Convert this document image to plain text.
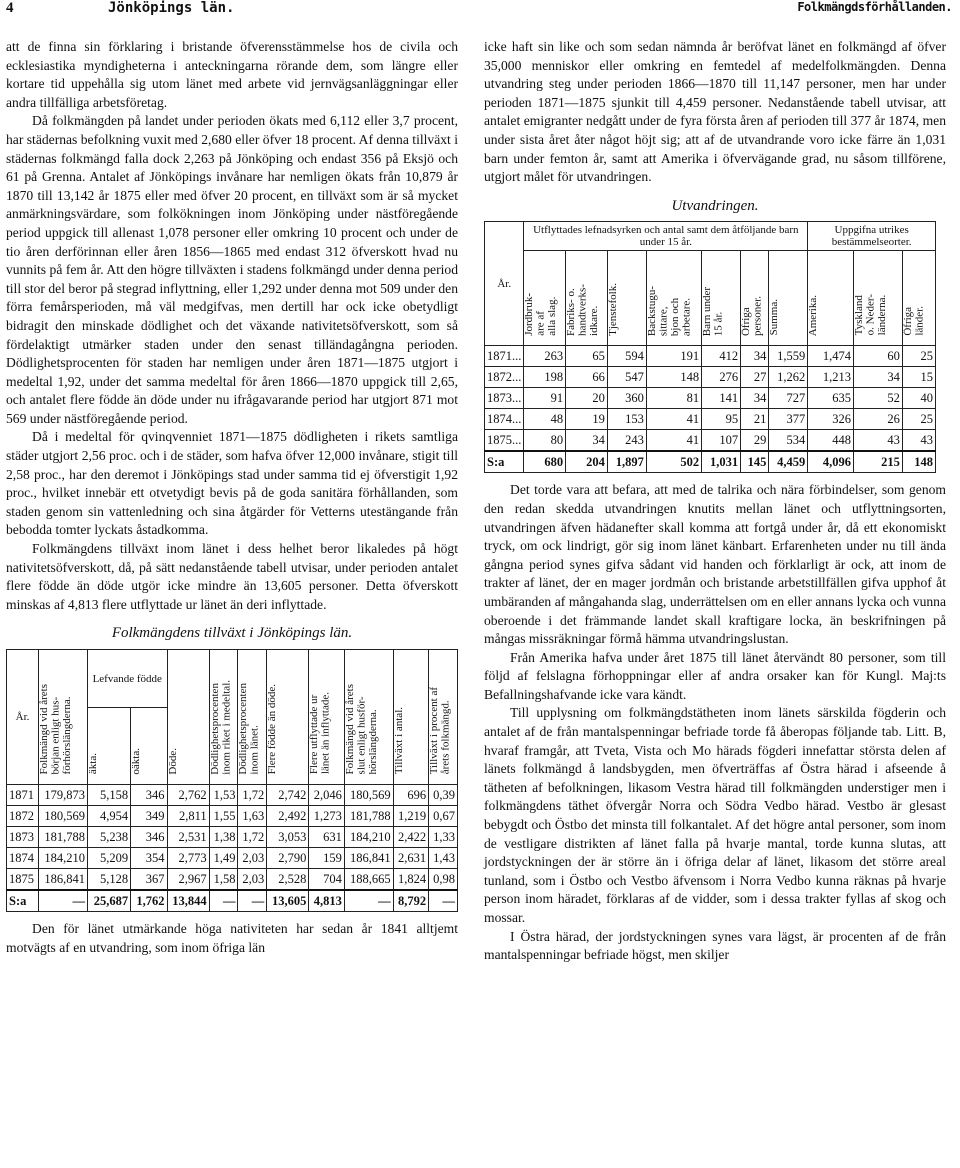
4	Jönköpings län.	Folkmängdsförhållanden.

att de finna sin förklaring i bristande öfverensstämmelse hos de civila och ecklesiastika myndigheterna i anteckningarna rörande dem, som längre eller kortare tid uppehålla sig utom länet med arbete vid jernvägsanläggningar eller andra tillfälliga arbetsföretag.

Då folkmängden på landet under perioden ökats med 6,112 eller 3,7 procent, har städernas befolkning vuxit med 2,680 eller öfver 18 procent. Af denna tillväxt i städernas folkmängd falla dock 2,263 på Jönköping och endast 356 på Eksjö och 61 på Grenna. Antalet af Jönköpings invånare har nemligen ökats från 10,879 år 1870 till 13,142 år 1875 eller med öfver 20 procent, en tillväxt som är så mycket anmärkningsvärdare, som folkökningen inom Jönköping under nästföregående period uppgick till allenast 1,078 personer eller omkring 10 procent och under de tio åren derförinnan eller åren 1856—1865 med endast 312 öfverskott hvad nu vunnits på fem år. Att den högre tillväxten i stadens folkmängd under denna period till stor del beror på stegrad inflyttning, eller 1,292 under denna mot 509 under den förra femårsperioden, må väl medgifvas, men dertill har ock icke obetydligt bidragit den minskade dödlighet och det växande nativitetsöfverskott, som så fördelaktigt utmärker staden under den senast tilländagångna perioden. Dödlighetsprocenten för staden har nemligen under åren 1871—1875 utgjort i medeltal 1,92, under det samma medeltal för åren 1866—1870 uppgick till 2,65, och antalet flere födde än döde under nu ifrågavarande period har utgjort 871 mot 569 under nästföregående period.

Då i medeltal för qvinqvenniet 1871—1875 dödligheten i rikets samtliga städer utgjort 2,56 proc. och i de städer, som hafva öfver 12,000 invånare, stigit till 2,58 proc., har den deremot i Jönköpings stad under samma tid ej öfverstigit 1,92 proc., hvilket innebär ett otvetydigt bevis på de goda sanitära förhållanden, som staden genom sin vattenledning och sina åtgärder för Vetterns utestängande från bebodda tomter lyckats åstadkomma.

Folkmängdens tillväxt inom länet i dess helhet beror likaledes på högt nativitetsöfverskott, då, på sätt nedanstående tabell utvisar, under perioden antalet flere födde än döde utgör icke mindre än 13,605 personer. Detta öfverskott minskas af 4,813 flere utflyttade ur länet än deri inflyttade.

Folkmängdens tillväxt i Jönköpings län.

År.	Folkmängd vid årets
början enligt hus-
förhörslängderna.	Lefvande födde		Döde.	Dödlighetsprocenten
inom riket i medeltal.	Dödlighetsprocenten
inom länet.	Flere födde än döde.	Flere utflyttade ur
länet än inflyttade.	Folkmängd vid årets
slut enligt husför-
hörslängderna.	Tillväxt i antal.	Tillväxt i procent af
årets folkmängd.
		äkta.	oäkta.								
1871	179,873	5,158	346	2,762	1,53	1,72	2,742	2,046	180,569	696	0,39
1872	180,569	4,954	349	2,811	1,55	1,63	2,492	1,273	181,788	1,219	0,67
1873	181,788	5,238	346	2,531	1,38	1,72	3,053	631	184,210	2,422	1,33
1874	184,210	5,209	354	2,773	1,49	2,03	2,790	159	186,841	2,631	1,43
1875	186,841	5,128	367	2,967	1,58	2,03	2,528	704	188,665	1,824	0,98
S:a	—	25,687	1,762	13,844	—	—	13,605	4,813	—	8,792	—

Den för länet utmärkande höga nativiteten har sedan år 1841 alltjemt motvägts af en utvandring, som inom öfriga län

icke haft sin like och som sedan nämnda år beröfvat länet en folkmängd af öfver 35,000 menniskor eller omkring en femtedel af medelfolkmängden. Denna utvandring steg under perioden 1866—1870 till 11,147 personer, men har under perioden 1871—1875 sjunkit till 4,459 personer. Nedanstående tabell utvisar, att antalet emigranter nedgått under de fyra första åren af perioden till 377 år 1874, men under sista året åter något höjt sig; att af de utvandrande voro icke färre än 1,031 barn under femton år, samt att Amerika i öfvervägande grad, nu såsom tillförene, utgjort målet för utvandringen.

Utvandringen.

År.	Utflyttades lefnadsyrken och antal samt dem åtföljande barn under 15 år.							Uppgifna utrikes bestämmelseorter.		
	Jordbruk-
are af
alla slag.	Fabriks- o.
handtverks-
idkare.	Tjenstefolk.	Backstugu-
sittare,
bjon och
arbetare.	Barn under
15 år.	Öfriga
personer.	Summa.	Amerika.	Tyskland
o. Neder-
länderna.	Öfriga
länder.
1871...	263	65	594	191	412	34	1,559	1,474	60	25
1872...	198	66	547	148	276	27	1,262	1,213	34	15
1873...	91	20	360	81	141	34	727	635	52	40
1874...	48	19	153	41	95	21	377	326	26	25
1875...	80	34	243	41	107	29	534	448	43	43
S:a	680	204	1,897	502	1,031	145	4,459	4,096	215	148

Det torde vara att befara, att med de talrika och nära förbindelser, som genom den redan skedda utvandringen knutits mellan länet och utflyttningsorten, utvandringen äfven hädanefter skall komma att fortgå under år, då ett ekonomiskt tryck, om ock lindrigt, gör sig inom länet känbart. Erfarenheten under nu till ända gångna period synes gifva sådant vid handen och förklarligt är ock, att inom de trakter af länet, der en mager jordmån och bristande arbetstillfällen gifva upphof åt umbäranden af mångahanda slag, underrättelsen om en eller annans lycka och vunna oberoende i det främmande landet skall kraftigare locka, än beskrifningen på mångas missräkningar förmå hämma utvandringslustan.

Från Amerika hafva under året 1875 till länet återvändt 80 personer, som till följd af felslagna förhoppningar eller af andra orsaker kan för Kungl. Maj:ts Befallningshafvande icke vara kändt.

Till upplysning om folkmängdstätheten inom länets särskilda fögderin och antalet af de från mantalspenningar befriade torde få åberopas följande tab. Litt. B, hvaraf framgår, att Tveta, Vista och Mo härads fögderi innefattar största delen af länets folkmängd å landsbygden, men öfverträffas af Östra härad i afseende å tätheten af befolkningen, likasom Vestra härad till folkmängden understiger men i folkmängdens täthet öfvergår Norra och Södra Vedbo härad. Vestbo är glesast bebygdt och Östbo det minsta till folkantalet. Af det högre antal personer, som inom de vestligare distrikten af länet falla på hvarje mantal, torde kunna slutas, att jordstyckningen der är större än i öfriga delar af länet, likasom det större areal tunland, som i Östbo och Vestbo äfvensom i Norra Vedbo kunna räknas på hvarje person inom häradet, förklaras af de vidder, som i dessa trakter fyllas af skog och mossar.

I Östra härad, der jordstyckningen synes vara lägst, är procenten af de från mantalspenningar befriade högst, men skiljer
